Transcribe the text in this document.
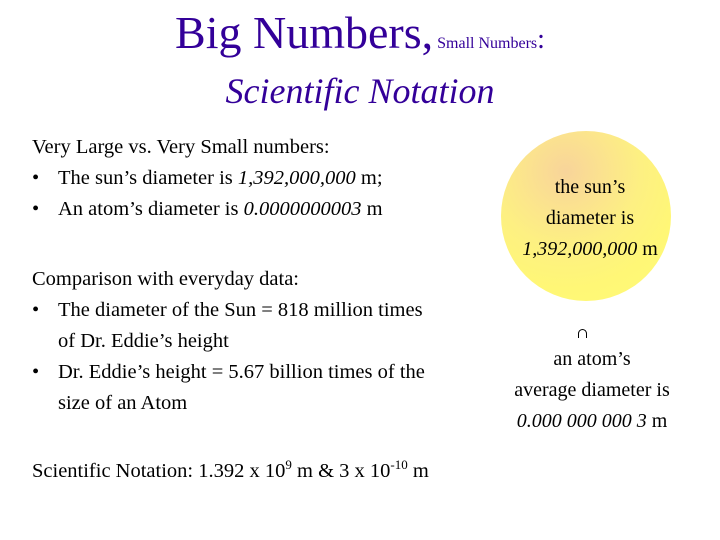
Big Numbers, Small Numbers:
Scientific Notation

Very Large vs. Very Small numbers:

• The sun’s diameter is 1,392,000,000 m;

• An atom’s diameter is 0.0000000003 m

Comparison with everyday data:

• The diameter of the Sun = 818 million times

of Dr. Eddie’s height

• Dr. Eddie’s height = 5.67 billion times of the

size of an Atom

Scientific Notation: 1.392 x $10^9$ m & 3 x $10^{-10}$ m

the sun’s
diameter is
1,392,000,000 m
an atom’s
average diameter is
0.000 000 000 3 m
